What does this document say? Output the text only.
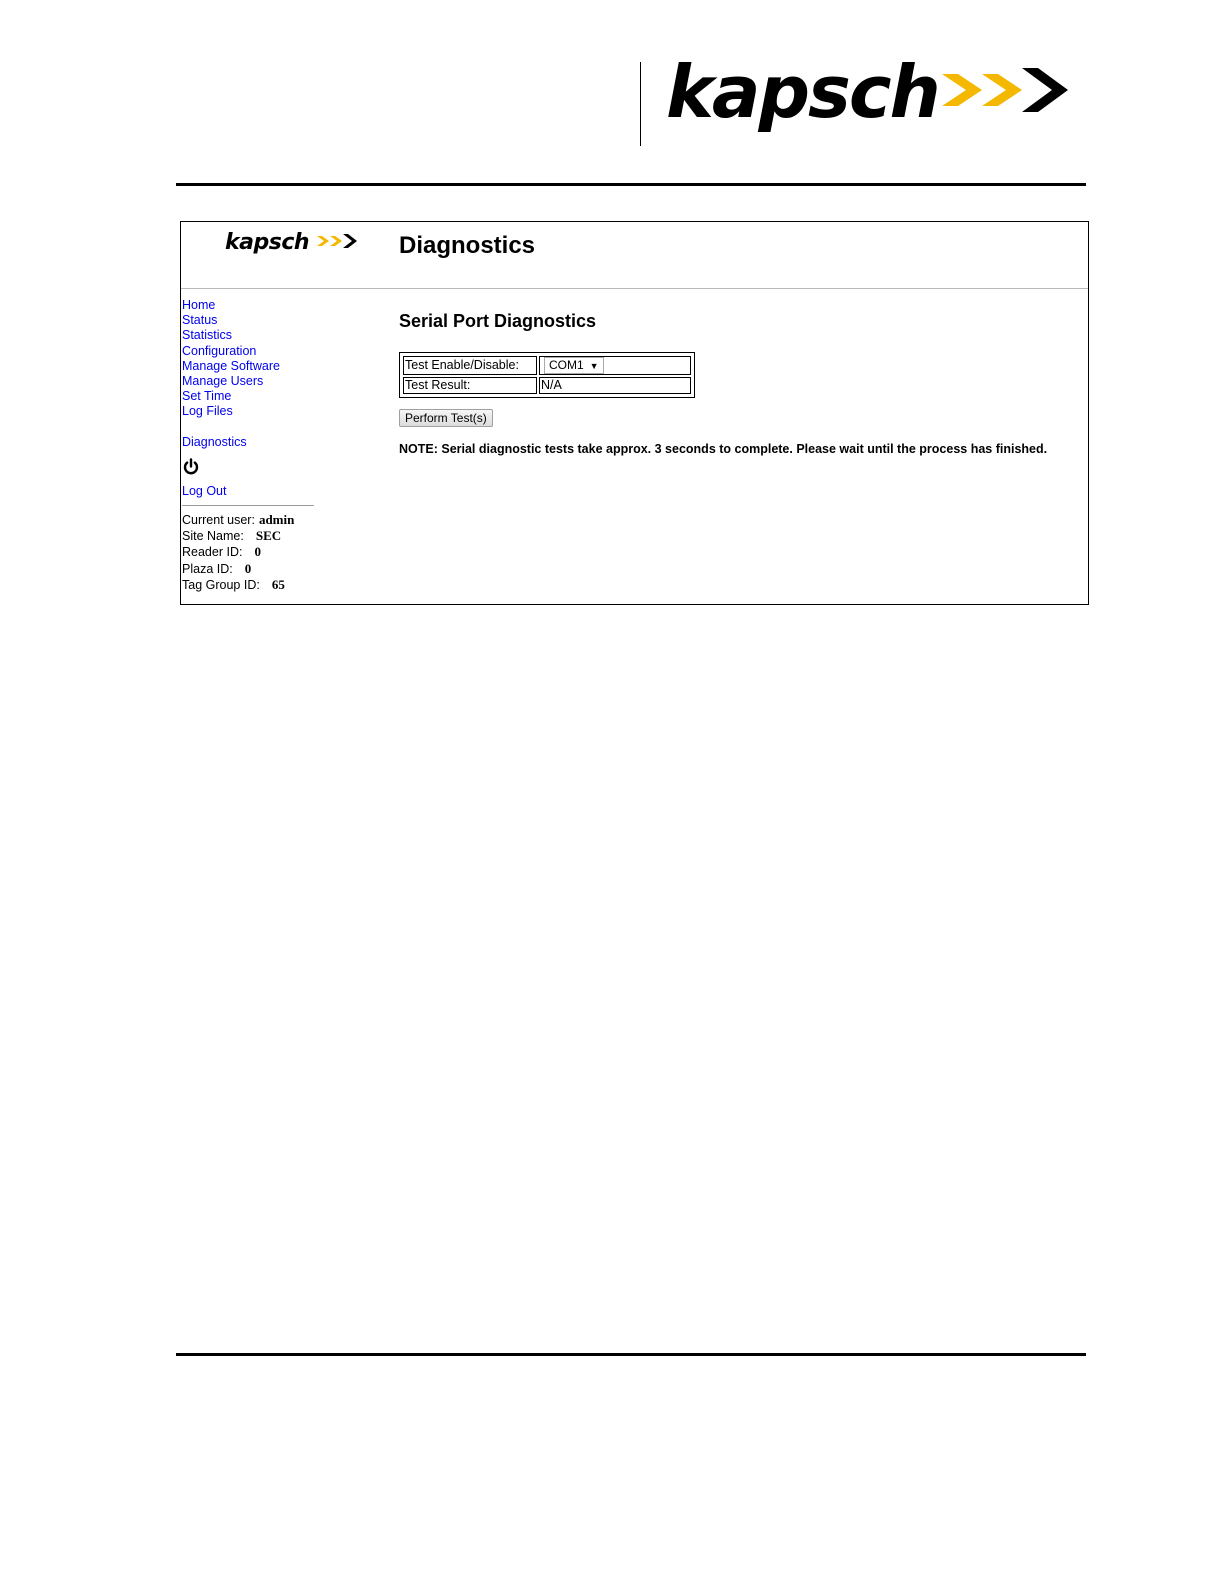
kapsch
kapsch	Diagnostics
Home
Status
Statistics
Configuration
Manage Software
Manage Users
Set Time
Log Files
Diagnostics
Log Out
Current user: admin
Site Name: SEC
Reader ID: 0
Plaza ID: 0
Tag Group ID: 65
Serial Port Diagnostics
Test Enable/Disable:	COM1 ▼
Test Result:	N/A
Perform Test(s)
NOTE: Serial diagnostic tests take approx. 3 seconds to complete. Please wait until the process has finished.
